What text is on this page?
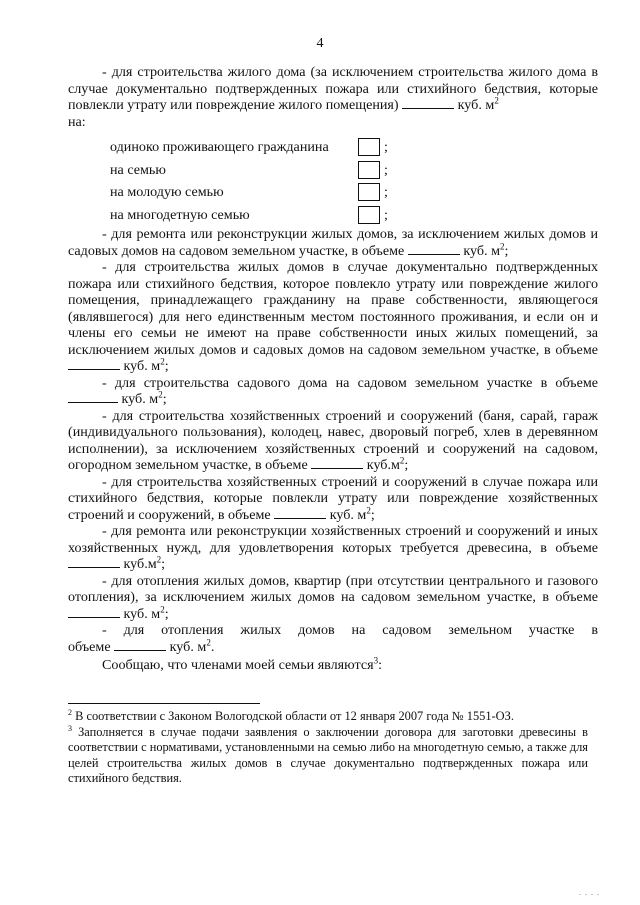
4

- для строительства жилого дома (за исключением строительства жилого дома в случае документально подтвержденных пожара или стихийного бедствия, которые повлекли утрату или повреждение жилого помещения)	куб. $м^2$
на:

одиноко проживающего гражданина	;
на семью	;
на молодую семью	;
на многодетную семью	;

- для ремонта или реконструкции жилых домов, за исключением жилых домов и садовых домов на садовом земельном участке, в объеме	куб. $м^2$;

- для строительства жилых домов в случае документально подтвержденных пожара или стихийного бедствия, которое повлекло утрату или повреждение жилого помещения, принадлежащего гражданину на праве собственности, являющегося (являвшегося) для него единственным местом постоянного проживания, и если он и члены его семьи не имеют на праве собственности иных жилых помещений, за исключением жилых домов и садовых домов на садовом земельном участке, в объеме  куб. $м^2$;

- для строительства садового дома на садовом земельном участке в объеме  куб. $м^2$;

- для строительства хозяйственных строений и сооружений (баня, сарай, гараж (индивидуального пользования), колодец, навес, дворовый погреб, хлев в деревянном исполнении), за исключением хозяйственных строений и сооружений на садовом, огородном земельном участке, в объеме	$куб.м^2$;

- для строительства хозяйственных строений и сооружений в случае пожара или стихийного бедствия, которые повлекли утрату или повреждение хозяйственных строений и сооружений, в объеме	куб. $м^2$;

- для ремонта или реконструкции хозяйственных строений и сооружений и иных хозяйственных нужд, для удовлетворения которых требуется древесина, в объеме  $куб.м^2$;

- для отопления жилых домов, квартир (при отсутствии центрального и газового отопления), за исключением жилых домов на садовом земельном участке, в объеме  куб. $м^2$;

- для отопления жилых домов на садовом земельном участке в

объеме	куб. $м^2$.

Сообщаю, что членами моей семьи являются$^3$:

$^2$ В соответствии с Законом Вологодской области от 12 января 2007 года № 1551-ОЗ.

$^3$ Заполняется в случае подачи заявления о заключении договора для заготовки древесины в соответствии с нормативами, установленными на семью либо на многодетную семью, а также для целей строительства жилых домов в случае документально подтвержденных пожара или стихийного бедствия.

. . . .
